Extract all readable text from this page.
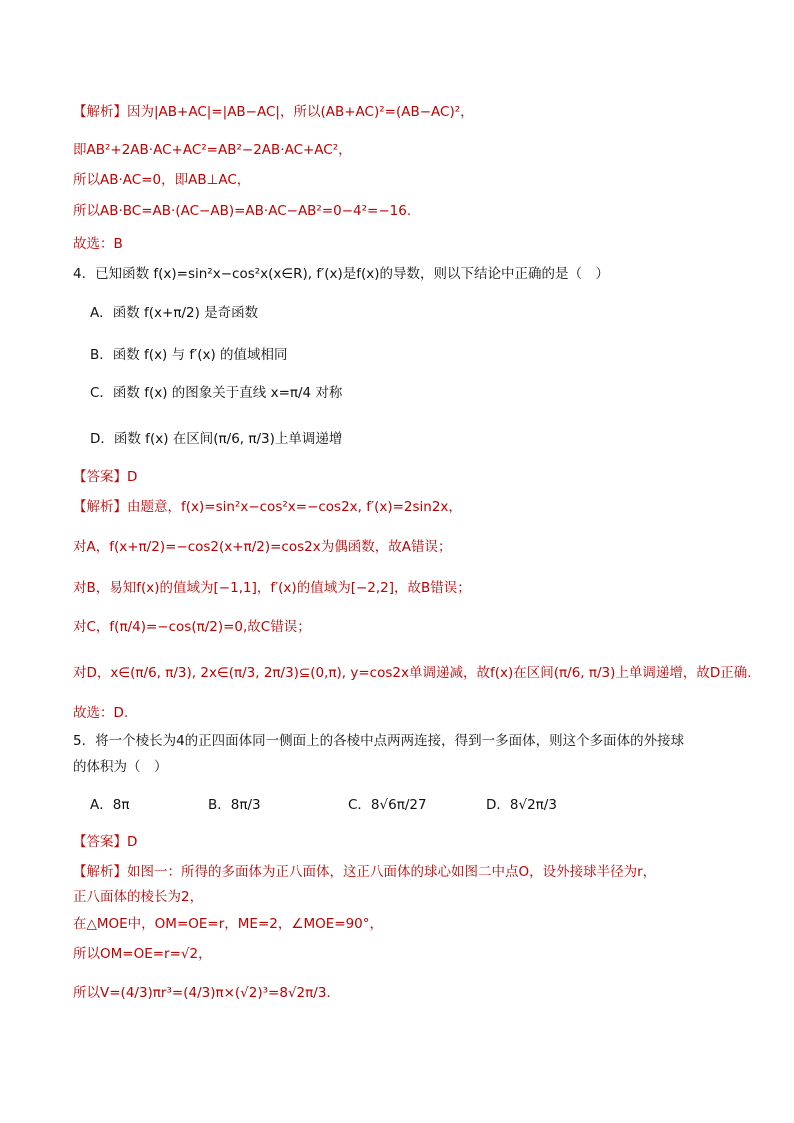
【解析】因为|AB+AC|=|AB−AC|，所以(AB+AC)²=(AB−AC)²，
即AB²+2AB·AC+AC²=AB²−2AB·AC+AC²，
所以AB·AC=0，即AB⊥AC，
所以AB·BC=AB·(AC−AB)=AB·AC−AB²=0−4²=−16.
故选：B
4．已知函数 f(x)=sin²x−cos²x(x∈R), f′(x)是f(x)的导数，则以下结论中正确的是（　）
A．函数 f(x+π/2) 是奇函数
B．函数 f(x) 与 f′(x) 的值域相同
C．函数 f(x) 的图象关于直线 x=π/4 对称
D．函数 f(x) 在区间(π/6, π/3)上单调递增
【答案】D
【解析】由题意，f(x)=sin²x−cos²x=−cos2x, f′(x)=2sin2x，
对A，f(x+π/2)=−cos2(x+π/2)=cos2x为偶函数，故A错误；
对B，易知f(x)的值域为[−1,1]，f′(x)的值域为[−2,2]，故B错误；
对C，f(π/4)=−cos(π/2)=0,故C错误；
对D，x∈(π/6, π/3), 2x∈(π/3, 2π/3)⊆(0,π), y=cos2x单调递减，故f(x)在区间(π/6, π/3)上单调递增，故D正确.
故选：D.
5．将一个棱长为4的正四面体同一侧面上的各棱中点两两连接，得到一多面体，则这个多面体的外接球
的体积为（　）
A．8π	B．8π/3	C．8√6π/27	D．8√2π/3
【答案】D
【解析】如图一：所得的多面体为正八面体，这正八面体的球心如图二中点O，设外接球半径为r，
正八面体的棱长为2，
在△MOE中，OM=OE=r，ME=2，∠MOE=90°，
所以OM=OE=r=√2，
所以V=(4/3)πr³=(4/3)π×(√2)³=8√2π/3.
